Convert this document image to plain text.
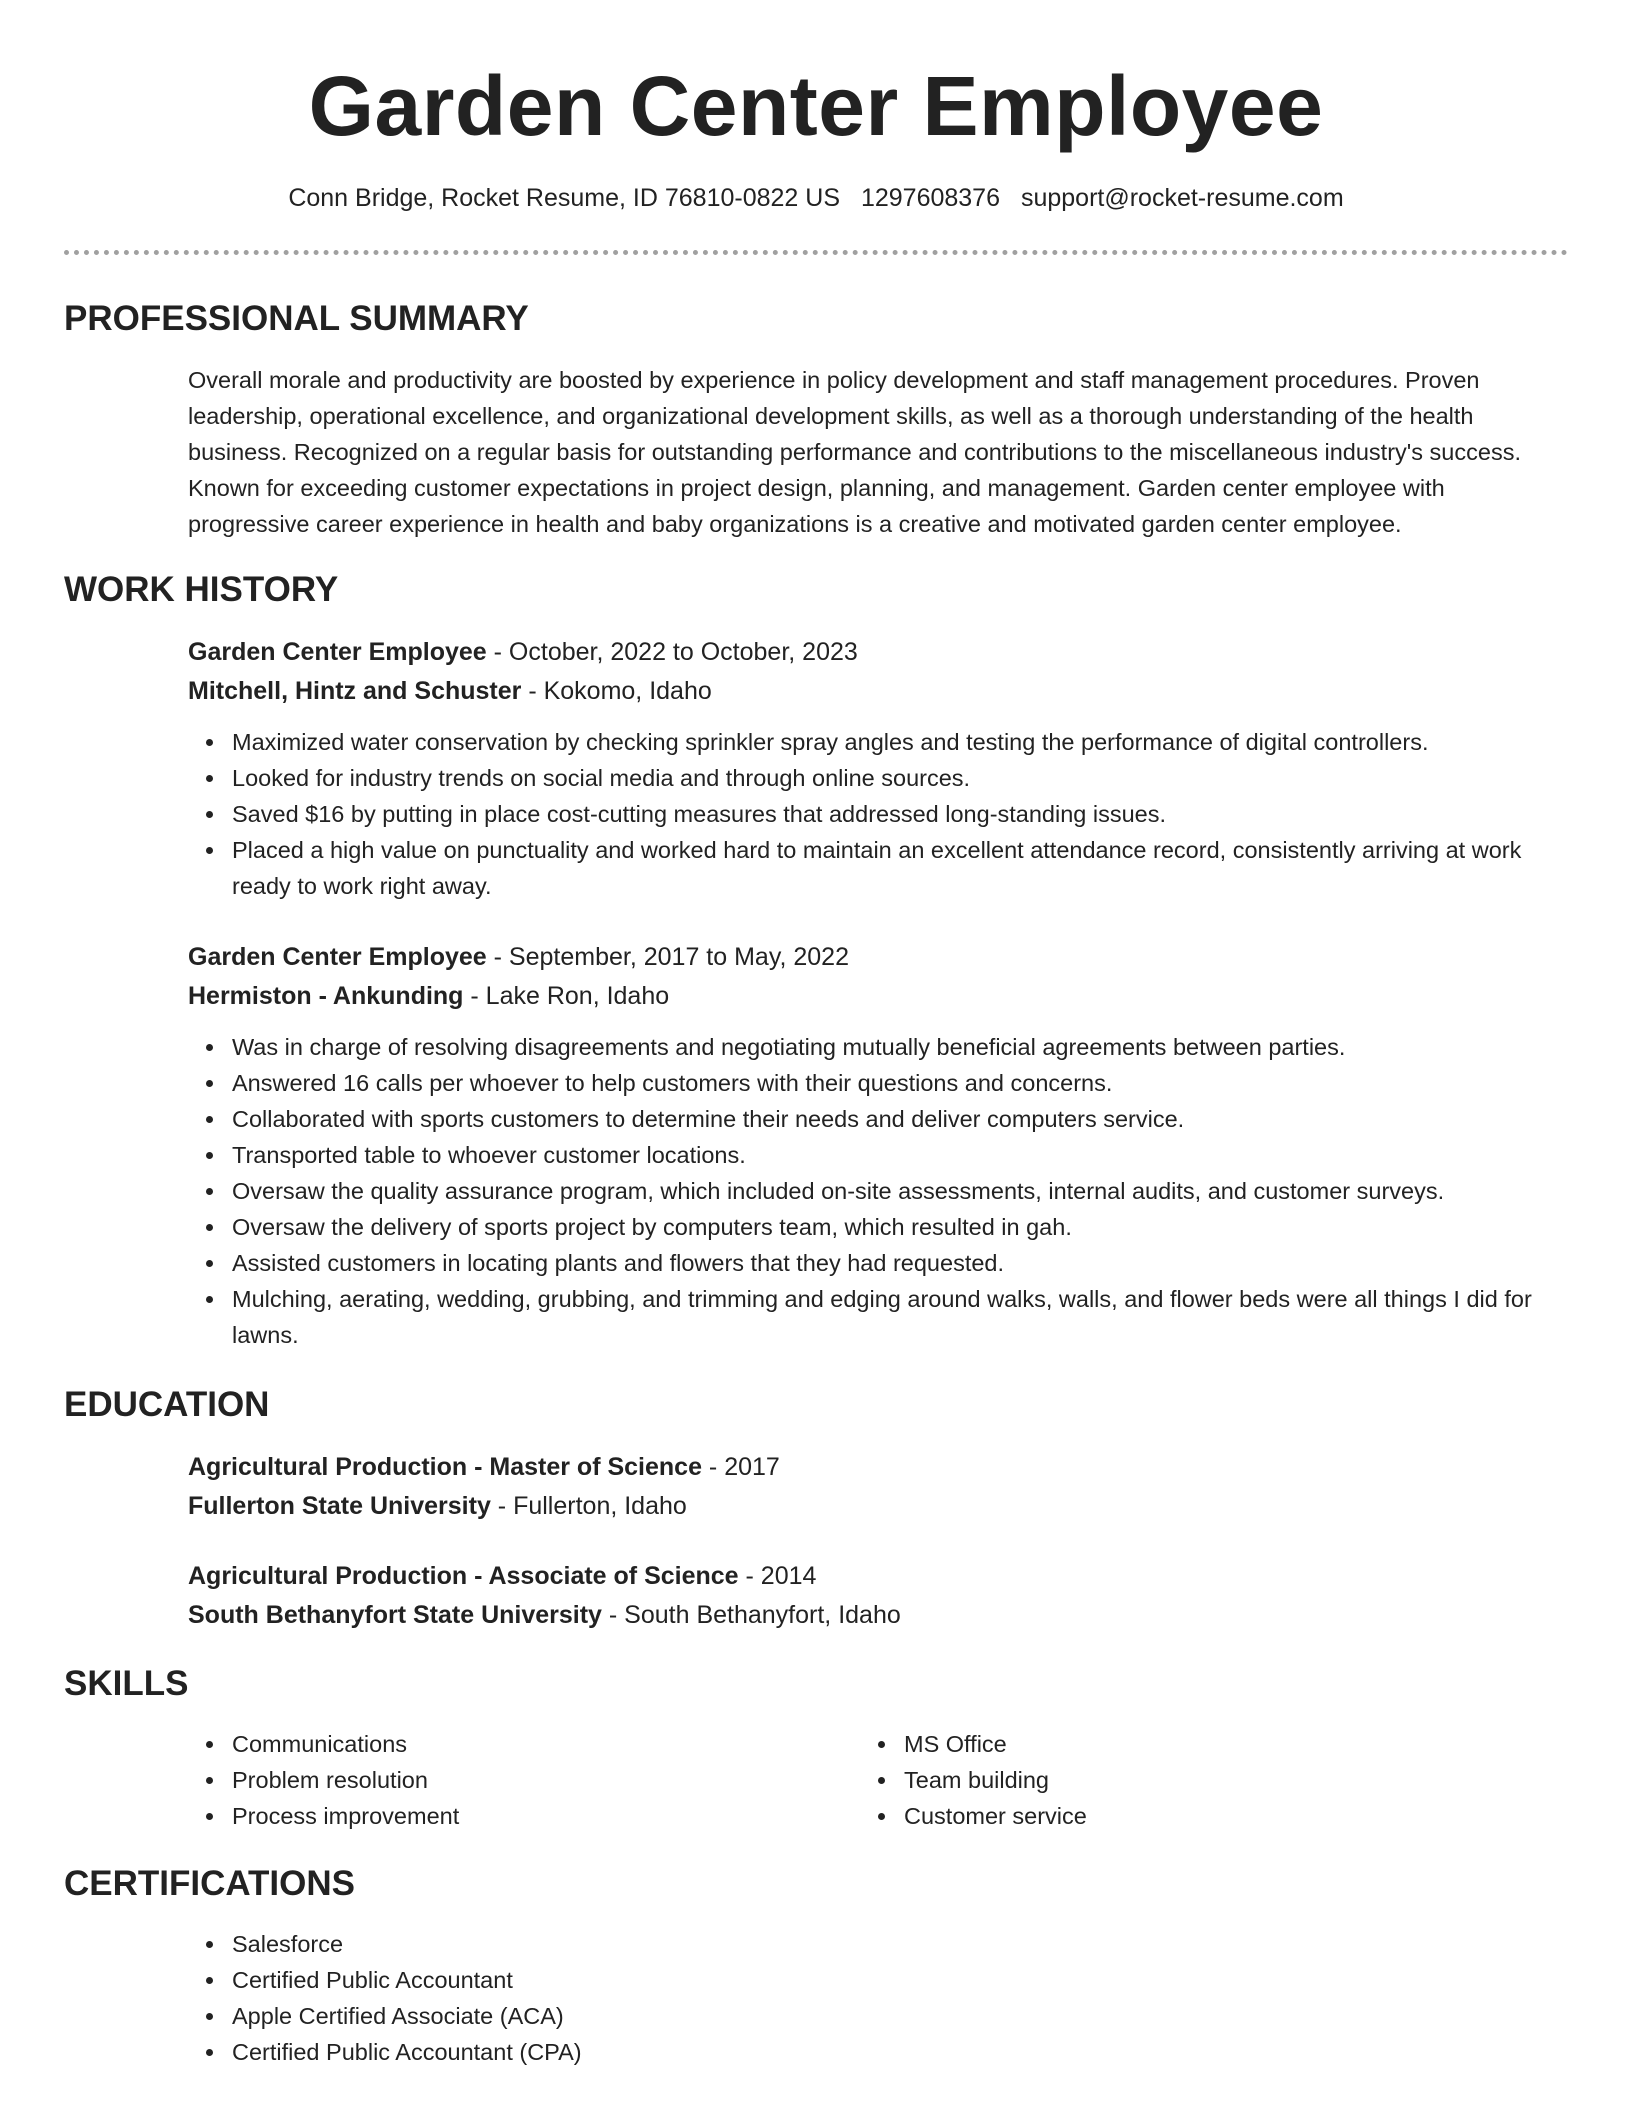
Garden Center Employee
Conn Bridge, Rocket Resume, ID 76810-0822 US 1297608376 support@rocket-resume.com
PROFESSIONAL SUMMARY

Overall morale and productivity are boosted by experience in policy development and staff management procedures. Proven leadership, operational excellence, and organizational development skills, as well as a thorough understanding of the health business. Recognized on a regular basis for outstanding performance and contributions to the miscellaneous industry's success. Known for exceeding customer expectations in project design, planning, and management. Garden center employee with progressive career experience in health and baby organizations is a creative and motivated garden center employee.

WORK HISTORY

Garden Center Employee - October, 2022 to October, 2023

Mitchell, Hintz and Schuster - Kokomo, Idaho

Maximized water conservation by checking sprinkler spray angles and testing the performance of digital controllers.
Looked for industry trends on social media and through online sources.
Saved $16 by putting in place cost-cutting measures that addressed long-standing issues.
Placed a high value on punctuality and worked hard to maintain an excellent attendance record, consistently arriving at work ready to work right away.

Garden Center Employee - September, 2017 to May, 2022

Hermiston - Ankunding - Lake Ron, Idaho

Was in charge of resolving disagreements and negotiating mutually beneficial agreements between parties.
Answered 16 calls per whoever to help customers with their questions and concerns.
Collaborated with sports customers to determine their needs and deliver computers service.
Transported table to whoever customer locations.
Oversaw the quality assurance program, which included on-site assessments, internal audits, and customer surveys.
Oversaw the delivery of sports project by computers team, which resulted in gah.
Assisted customers in locating plants and flowers that they had requested.
Mulching, aerating, wedding, grubbing, and trimming and edging around walks, walls, and flower beds were all things I did for lawns.
EDUCATION

Agricultural Production - Master of Science - 2017

Fullerton State University - Fullerton, Idaho

Agricultural Production - Associate of Science - 2014

South Bethanyfort State University - South Bethanyfort, Idaho

SKILLS
Communications
Problem resolution
Process improvement
MS Office
Team building
Customer service
CERTIFICATIONS
Salesforce
Certified Public Accountant
Apple Certified Associate (ACA)
Certified Public Accountant (CPA)
